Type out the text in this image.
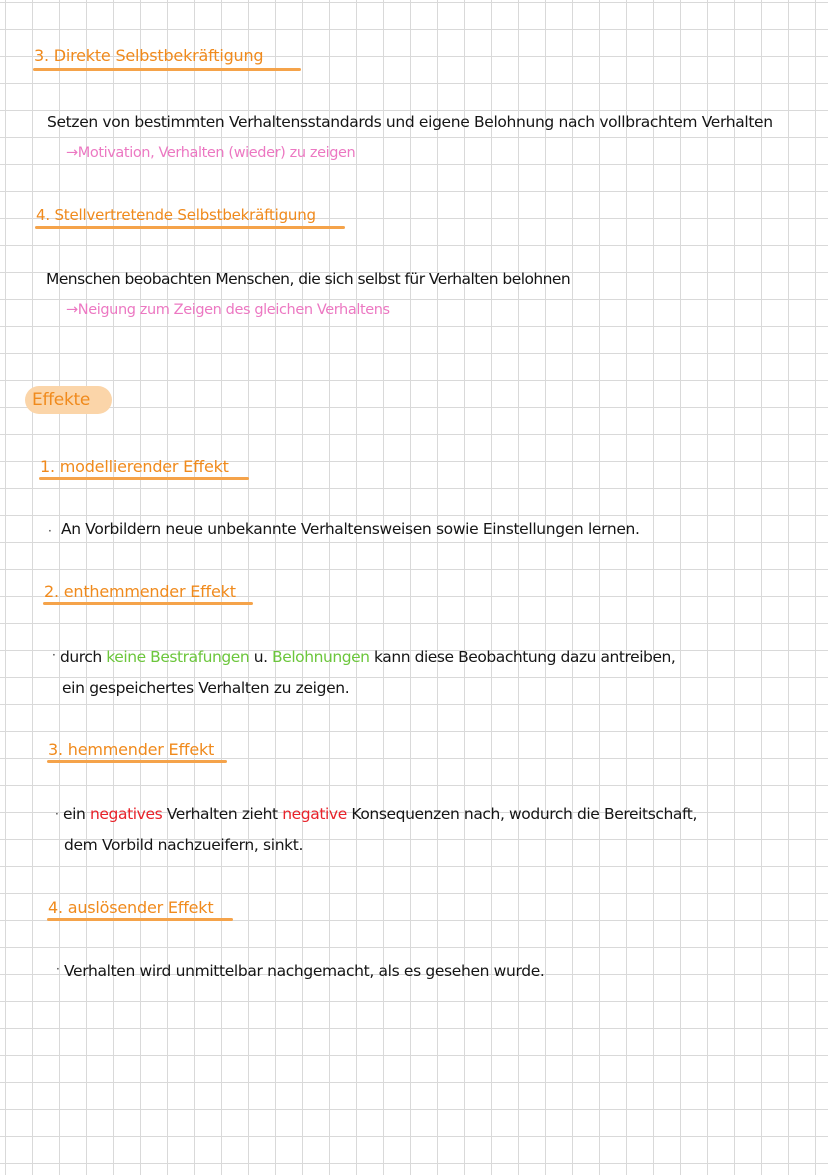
3. Direkte Selbstbekräftigung
Setzen von bestimmten Verhaltensstandards und eigene Belohnung nach vollbrachtem Verhalten
→Motivation, Verhalten (wieder) zu zeigen
4. Stellvertretende Selbstbekräftigung
Menschen beobachten Menschen, die sich selbst für Verhalten belohnen
→Neigung zum Zeigen des gleichen Verhaltens
Effekte
1. modellierender Effekt
· An Vorbildern neue unbekannte Verhaltensweisen sowie Einstellungen lernen.
2. enthemmender Effekt
· durch keine Bestrafungen u. Belohnungen kann diese Beobachtung dazu antreiben,
ein gespeichertes Verhalten zu zeigen.
3. hemmender Effekt
· ein negatives Verhalten zieht negative Konsequenzen nach, wodurch die Bereitschaft,
dem Vorbild nachzueifern, sinkt.
4. auslösender Effekt
· Verhalten wird unmittelbar nachgemacht, als es gesehen wurde.
